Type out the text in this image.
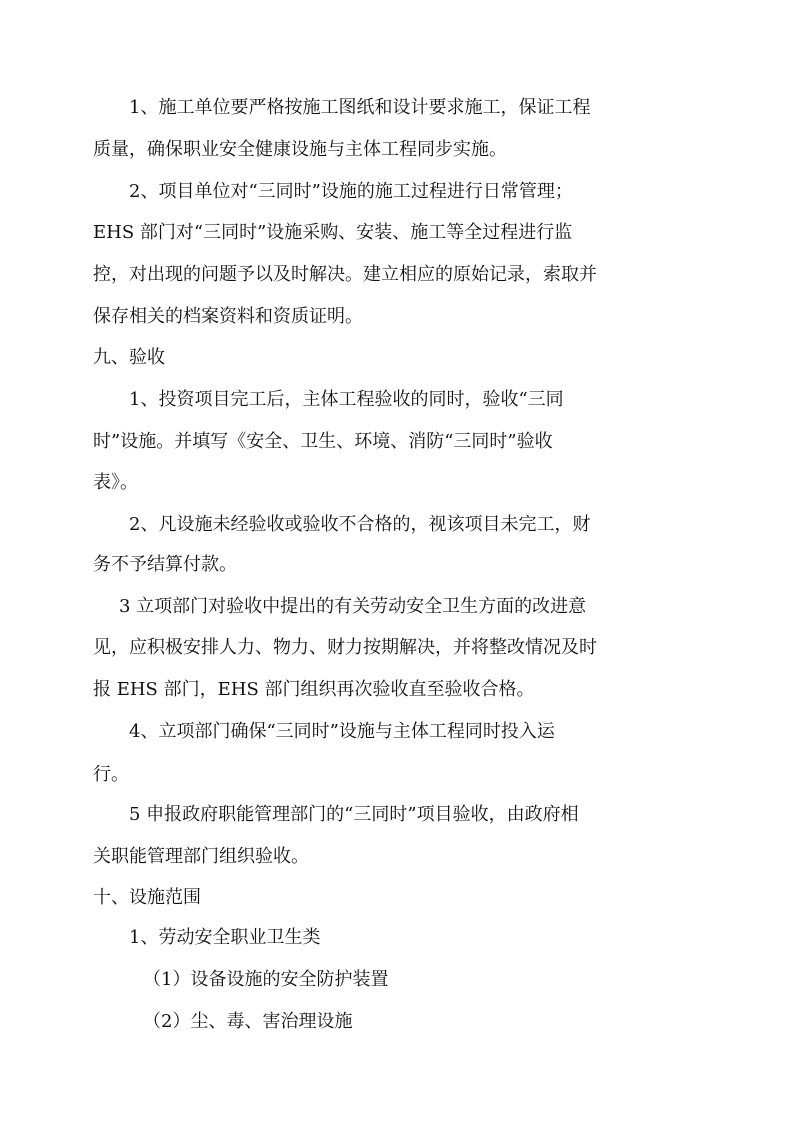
1、施工单位要严格按施工图纸和设计要求施工，保证工程
质量，确保职业安全健康设施与主体工程同步实施。
2、项目单位对“三同时”设施的施工过程进行日常管理；
EHS 部门对“三同时”设施采购、安装、施工等全过程进行监
控，对出现的问题予以及时解决。建立相应的原始记录，索取并
保存相关的档案资料和资质证明。
九、验收
1、投资项目完工后，主体工程验收的同时，验收“三同
时”设施。并填写《安全、卫生、环境、消防“三同时”验收
表》。
2、凡设施未经验收或验收不合格的，视该项目未完工，财
务不予结算付款。
3 立项部门对验收中提出的有关劳动安全卫生方面的改进意
见，应积极安排人力、物力、财力按期解决，并将整改情况及时
报 EHS 部门，EHS 部门组织再次验收直至验收合格。
4、立项部门确保“三同时”设施与主体工程同时投入运
行。
5 申报政府职能管理部门的“三同时”项目验收，由政府相
关职能管理部门组织验收。
十、设施范围
1、劳动安全职业卫生类
（1）设备设施的安全防护装置
（2）尘、毒、害治理设施
